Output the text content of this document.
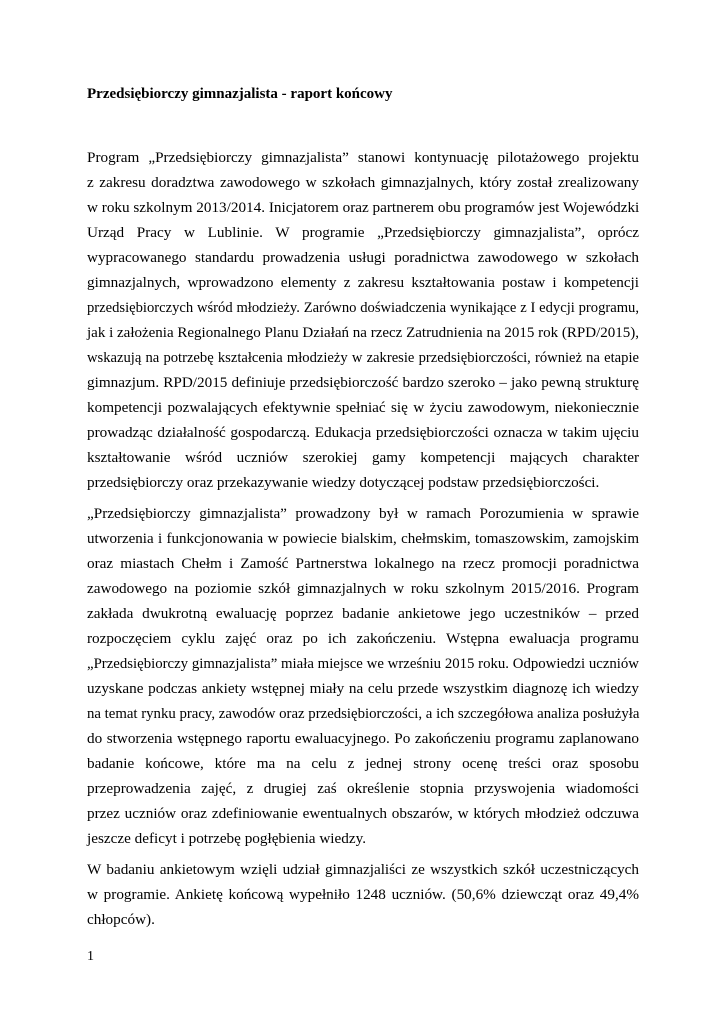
Przedsiębiorczy gimnazjalista - raport końcowy
Program „Przedsiębiorczy gimnazjalista” stanowi kontynuację pilotażowego projektu
z zakresu doradztwa zawodowego w szkołach gimnazjalnych, który został zrealizowany
w roku szkolnym 2013/2014. Inicjatorem oraz partnerem obu programów jest Wojewódzki
Urząd Pracy w Lublinie. W programie „Przedsiębiorczy gimnazjalista”, oprócz
wypracowanego standardu prowadzenia usługi poradnictwa zawodowego w szkołach
gimnazjalnych, wprowadzono elementy z zakresu kształtowania postaw i kompetencji
przedsiębiorczych wśród młodzieży. Zarówno doświadczenia wynikające z I edycji programu,
jak i założenia Regionalnego Planu Działań na rzecz Zatrudnienia na 2015 rok (RPD/2015),
wskazują na potrzebę kształcenia młodzieży w zakresie przedsiębiorczości, również na etapie
gimnazjum. RPD/2015 definiuje przedsiębiorczość bardzo szeroko – jako pewną strukturę
kompetencji pozwalających efektywnie spełniać się w życiu zawodowym, niekoniecznie
prowadząc działalność gospodarczą. Edukacja przedsiębiorczości oznacza w takim ujęciu
kształtowanie wśród uczniów szerokiej gamy kompetencji mających charakter
przedsiębiorczy oraz przekazywanie wiedzy dotyczącej podstaw przedsiębiorczości.
„Przedsiębiorczy gimnazjalista” prowadzony był w ramach Porozumienia w sprawie
utworzenia i funkcjonowania w powiecie bialskim, chełmskim, tomaszowskim, zamojskim
oraz miastach Chełm i Zamość Partnerstwa lokalnego na rzecz promocji poradnictwa
zawodowego na poziomie szkół gimnazjalnych w roku szkolnym 2015/2016. Program
zakłada dwukrotną ewaluację poprzez badanie ankietowe jego uczestników – przed
rozpoczęciem cyklu zajęć oraz po ich zakończeniu. Wstępna ewaluacja programu
„Przedsiębiorczy gimnazjalista” miała miejsce we wrześniu 2015 roku. Odpowiedzi uczniów
uzyskane podczas ankiety wstępnej miały na celu przede wszystkim diagnozę ich wiedzy
na temat rynku pracy, zawodów oraz przedsiębiorczości, a ich szczegółowa analiza posłużyła
do stworzenia wstępnego raportu ewaluacyjnego. Po zakończeniu programu zaplanowano
badanie końcowe, które ma na celu z jednej strony ocenę treści oraz sposobu
przeprowadzenia zajęć, z drugiej zaś określenie stopnia przyswojenia wiadomości
przez uczniów oraz zdefiniowanie ewentualnych obszarów, w których młodzież odczuwa
jeszcze deficyt i potrzebę pogłębienia wiedzy.
W badaniu ankietowym wzięli udział gimnazjaliści ze wszystkich szkół uczestniczących
w programie. Ankietę końcową wypełniło 1248 uczniów. (50,6% dziewcząt oraz 49,4%
chłopców).
1
